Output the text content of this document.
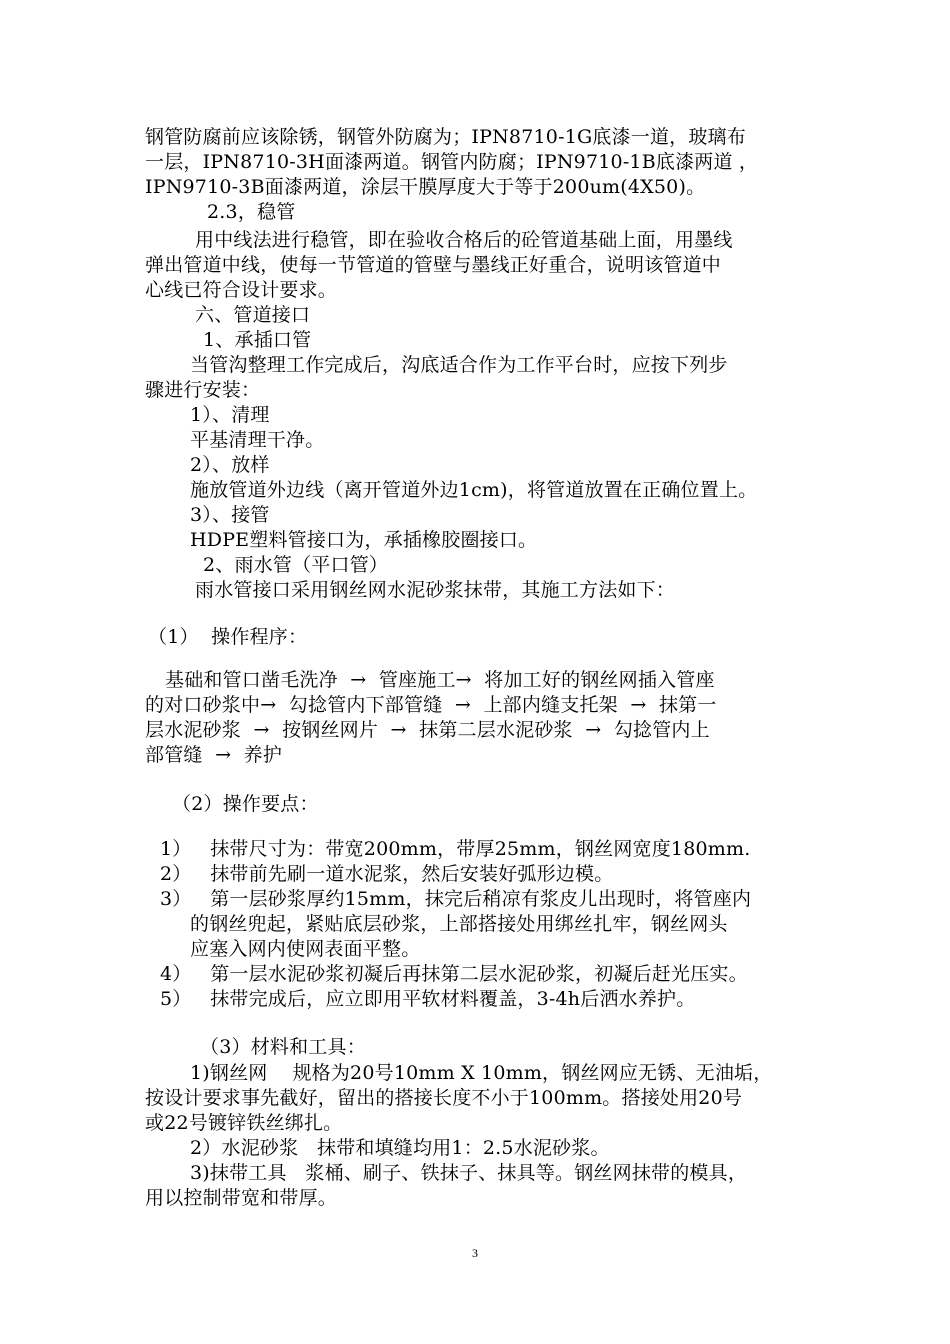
钢管防腐前应该除锈，钢管外防腐为；IPN8710-1G底漆一道，玻璃布
一层，IPN8710-3H面漆两道。钢管内防腐；IPN9710-1B底漆两道 ，
IPN9710-3B面漆两道，涂层干膜厚度大于等于200um(4X50)。
2.3，稳管
用中线法进行稳管，即在验收合格后的砼管道基础上面，用墨线
弹出管道中线，使每一节管道的管壁与墨线正好重合，说明该管道中
心线已符合设计要求。
六、管道接口
1、承插口管
当管沟整理工作完成后，沟底适合作为工作平台时，应按下列步
骤进行安装：
1）、清理
平基清理干净。
2）、放样
施放管道外边线（离开管道外边1cm)，将管道放置在正确位置上。
3）、接管
HDPE塑料管接口为，承插橡胶圈接口。
2、雨水管（平口管）
雨水管接口采用钢丝网水泥砂浆抹带，其施工方法如下：
（1）  操作程序：
基础和管口凿毛洗净  →  管座施工→  将加工好的钢丝网插入管座
的对口砂浆中→  勾捻管内下部管缝  →  上部内缝支托架  →  抹第一
层水泥砂浆  →  按钢丝网片  →  抹第二层水泥砂浆  →  勾捻管内上
部管缝  →  养护
（2）操作要点：
1）   抹带尺寸为：带宽200mm，带厚25mm，钢丝网宽度180mm.
2）   抹带前先刷一道水泥浆，然后安装好弧形边模。
3）   第一层砂浆厚约15mm，抹完后稍凉有浆皮儿出现时，将管座内
的钢丝兜起，紧贴底层砂浆，上部搭接处用绑丝扎牢，钢丝网头
应塞入网内使网表面平整。
4）   第一层水泥砂浆初凝后再抹第二层水泥砂浆，初凝后赶光压实。
5）   抹带完成后，应立即用平软材料覆盖，3-4h后洒水养护。
（3）材料和工具：
1)钢丝网    规格为20号10mm X 10mm，钢丝网应无锈、无油垢，
按设计要求事先截好，留出的搭接长度不小于100mm。搭接处用20号
或22号镀锌铁丝绑扎。
2）水泥砂浆   抹带和填缝均用1：2.5水泥砂浆。
3)抹带工具   浆桶、刷子、铁抹子、抹具等。钢丝网抹带的模具，
用以控制带宽和带厚。
3
